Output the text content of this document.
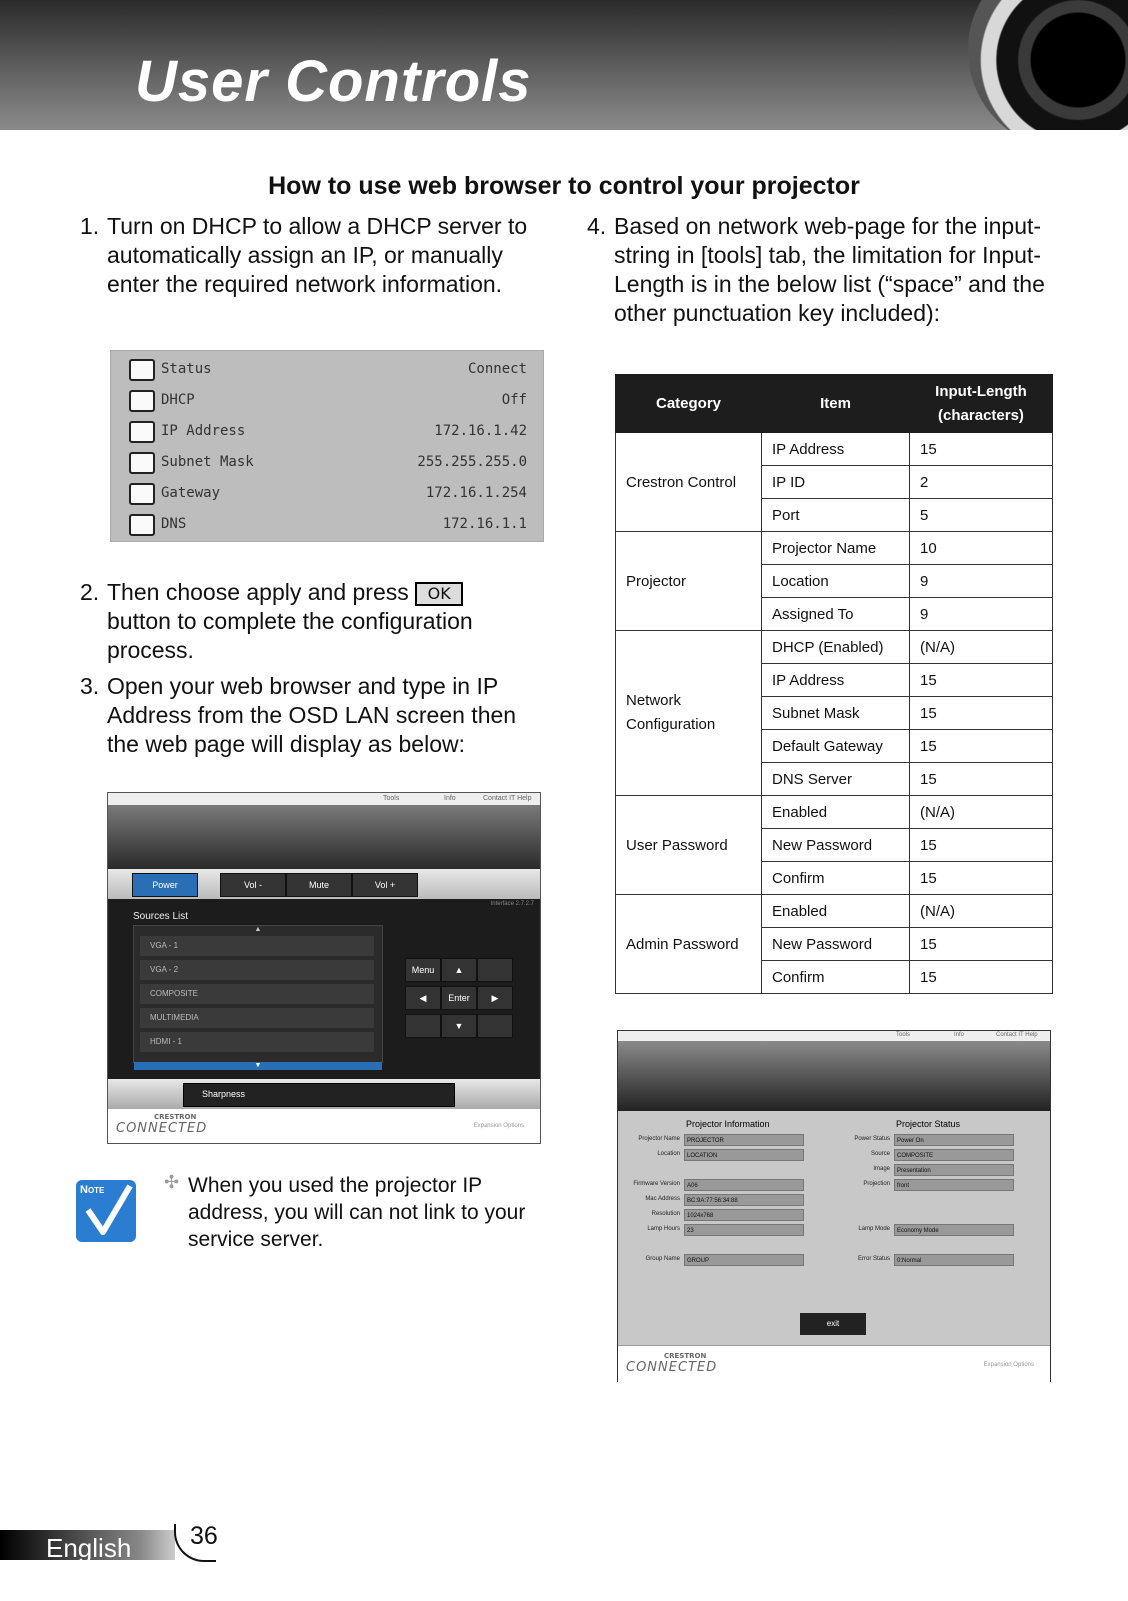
User Controls
How to use web browser to control your projector
1. Turn on DHCP to allow a DHCP server to automatically assign an IP, or manually enter the required network information.
Status	Connect
DHCP	Off
IP Address	172.16.1.42
Subnet Mask	255.255.255.0
Gateway	172.16.1.254
DNS	172.16.1.1
2. Then choose apply and press OK button to complete the configuration process.
3. Open your web browser and type in IP Address from the OSD LAN screen then the web page will display as below:
Tools	Info	Contact IT Help
Power	Vol -	Mute	Vol +
Interface 2.7.2.7
Sources List
▲
VGA - 1
VGA - 2
COMPOSITE
MULTIMEDIA
HDMI - 1
▼
Menu	▲
◀	Enter	▶
▼
Sharpness
CRESTRON
CONNECTED	Expansion Options
Note	✣ When you used the projector IP address, you will can not link to your service server.
4. Based on network web-page for the input-string in [tools] tab, the limitation for Input-Length is in the below list (“space” and the other punctuation key included):
Category	Item	Input-Length
(characters)
Crestron Control	IP Address	15
	IP ID	2
	Port	5
Projector	Projector Name	10
	Location	9
	Assigned To	9
Network Configuration	DHCP (Enabled)	(N/A)
	IP Address	15
	Subnet Mask	15
	Default Gateway	15
	DNS Server	15
User Password	Enabled	(N/A)
	New Password	15
	Confirm	15
Admin Password	Enabled	(N/A)
	New Password	15
	Confirm	15
Tools	Info	Contact IT Help
Projector Information	Projector Status
Projector Name	PROJECTOR
Location	LOCATION
Firmware Version	A06
Mac Address	BC:9A:77:56:34:88
Resolution	1024x768
Lamp Hours	23
Group Name	GROUP
Power Status	Power On
Source	COMPOSITE
Image	Presentation
Projection	front
Lamp Mode	Economy Mode
Error Status	0:Normal
exit
CRESTRON
CONNECTED	Expansion Options
English 36
